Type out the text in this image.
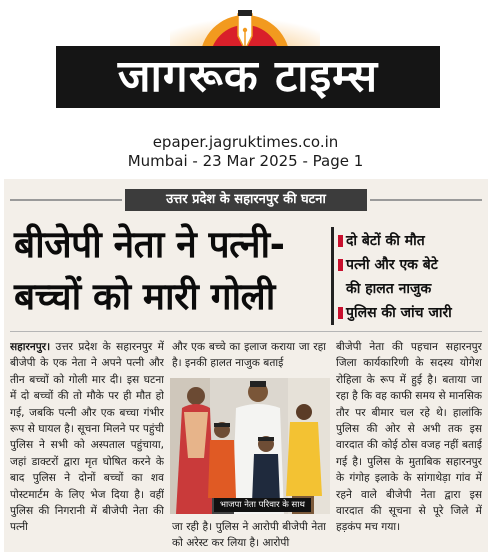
जागरूक टाइम्स
epaper.jagruktimes.co.in
Mumbai - 23 Mar 2025 - Page 1
उत्तर प्रदेश के सहारनपुर की घटना
बीजेपी नेता ने पत्नी-
बच्चों को मारी गोली
दो बेटों की मौत
पत्नी और एक बेटे
की हालत नाजुक
पुलिस की जांच जारी

सहारनपुर। उत्तर प्रदेश के सहारनपुर में बीजेपी के एक नेता ने अपने पत्नी और तीन बच्चों को गोली मार दी। इस घटना में दो बच्चों की तो मौके पर ही मौत हो गई, जबकि पत्नी और एक बच्चा गंभीर रूप से घायल है। सूचना मिलने पर पहुंची पुलिस ने सभी को अस्पताल पहुंचाया, जहां डाक्टरों द्वारा मृत घोषित करने के बाद पुलिस ने दोनों बच्चों का शव पोस्टमार्टम के लिए भेज दिया है। वहीं पुलिस की निगरानी में बीजेपी नेता की पत्नी

और एक बच्चे का इलाज कराया जा रहा है। इनकी हालत नाजुक बताई

भाजपा नेता परिवार के साथ

जा रही है। पुलिस ने आरोपी बीजेपी नेता को अरेस्ट कर लिया है। आरोपी

बीजेपी नेता की पहचान सहारनपुर जिला कार्यकारिणी के सदस्य योगेश रोहिला के रूप में हुई है। बताया जा रहा है कि वह काफी समय से मानसिक तौर पर बीमार चल रहे थे। हालांकि पुलिस की ओर से अभी तक इस वारदात की कोई ठोस वजह नहीं बताई गई है। पुलिस के मुताबिक सहारनपुर के गंगोह इलाके के सांगाथेड़ा गांव में रहने वाले बीजेपी नेता द्वारा इस वारदात की सूचना से पूरे जिले में हड़कंप मच गया।
